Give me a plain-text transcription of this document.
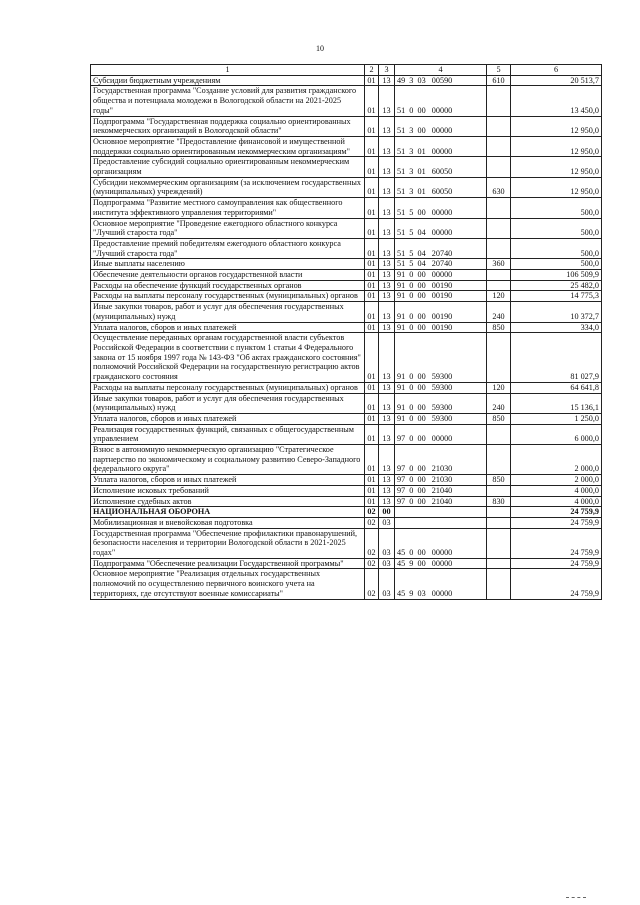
10
1	2	3	4	5	6
Субсидии бюджетным учреждениям	01	13	49  3  03   00590	610	20 513,7
Государственная программа "Создание условий для развития гражданского общества и потенциала молодежи в Вологодской области на 2021-2025 годы"	01	13	51  0  00   00000		13 450,0
Подпрограмма "Государственная поддержка социально ориентированных некоммерческих организаций в Вологодской области"	01	13	51  3  00   00000		12 950,0
Основное мероприятие "Предоставление финансовой и имущественной поддержки социально ориентированным некоммерческим организациям"	01	13	51  3  01   00000		12 950,0
Предоставление субсидий социально ориентированным некоммерческим организациям	01	13	51  3  01   60050		12 950,0
Субсидии некоммерческим организациям (за исключением государственных (муниципальных) учреждений)	01	13	51  3  01   60050	630	12 950,0
Подпрограмма "Развитие местного самоуправления как общественного института эффективного управления территориями"	01	13	51  5  00   00000		500,0
Основное мероприятие "Проведение ежегодного областного конкурса "Лучший староста года"	01	13	51  5  04   00000		500,0
Предоставление премий победителям ежегодного областного конкурса "Лучший староста года"	01	13	51  5  04   20740		500,0
Иные выплаты населению	01	13	51  5  04   20740	360	500,0
Обеспечение деятельности органов государственной власти	01	13	91  0  00   00000		106 509,9
Расходы на обеспечение функций государственных органов	01	13	91  0  00   00190		25 482,0
Расходы на выплаты персоналу государственных (муниципальных) органов	01	13	91  0  00   00190	120	14 775,3
Иные закупки товаров, работ и услуг для обеспечения государственных (муниципальных) нужд	01	13	91  0  00   00190	240	10 372,7
Уплата налогов, сборов и иных платежей	01	13	91  0  00   00190	850	334,0
Осуществление переданных органам государственной власти субъектов Российской Федерации в соответствии с пунктом 1 статьи 4 Федерального закона от 15 ноября 1997 года № 143-ФЗ "Об актах гражданского состояния" полномочий Российской Федерации на государственную регистрацию актов гражданского состояния	01	13	91  0  00   59300		81 027,9
Расходы на выплаты персоналу государственных (муниципальных) органов	01	13	91  0  00   59300	120	64 641,8
Иные закупки товаров, работ и услуг для обеспечения государственных (муниципальных) нужд	01	13	91  0  00   59300	240	15 136,1
Уплата налогов, сборов и иных платежей	01	13	91  0  00   59300	850	1 250,0
Реализация государственных функций, связанных с общегосударственным управлением	01	13	97  0  00   00000		6 000,0
Взнос в автономную некоммерческую организацию "Стратегическое партнерство по экономическому и социальному развитию Северо-Западного федерального округа"	01	13	97  0  00   21030		2 000,0
Уплата налогов, сборов и иных платежей	01	13	97  0  00   21030	850	2 000,0
Исполнение исковых требований	01	13	97  0  00   21040		4 000,0
Исполнение судебных актов	01	13	97  0  00   21040	830	4 000,0
НАЦИОНАЛЬНАЯ ОБОРОНА	02	00			24 759,9
Мобилизационная и вневойсковая подготовка	02	03			24 759,9
Государственная программа "Обеспечение профилактики правонарушений, безопасности населения и территории Вологодской области в 2021-2025 годах"	02	03	45  0  00   00000		24 759,9
Подпрограмма "Обеспечение реализации Государственной программы"	02	03	45  9  00   00000		24 759,9
Основное мероприятие "Реализация отдельных государственных полномочий по осуществлению первичного воинского учета на территориях, где отсутствуют военные комиссариаты"	02	03	45  9  03   00000		24 759,9
